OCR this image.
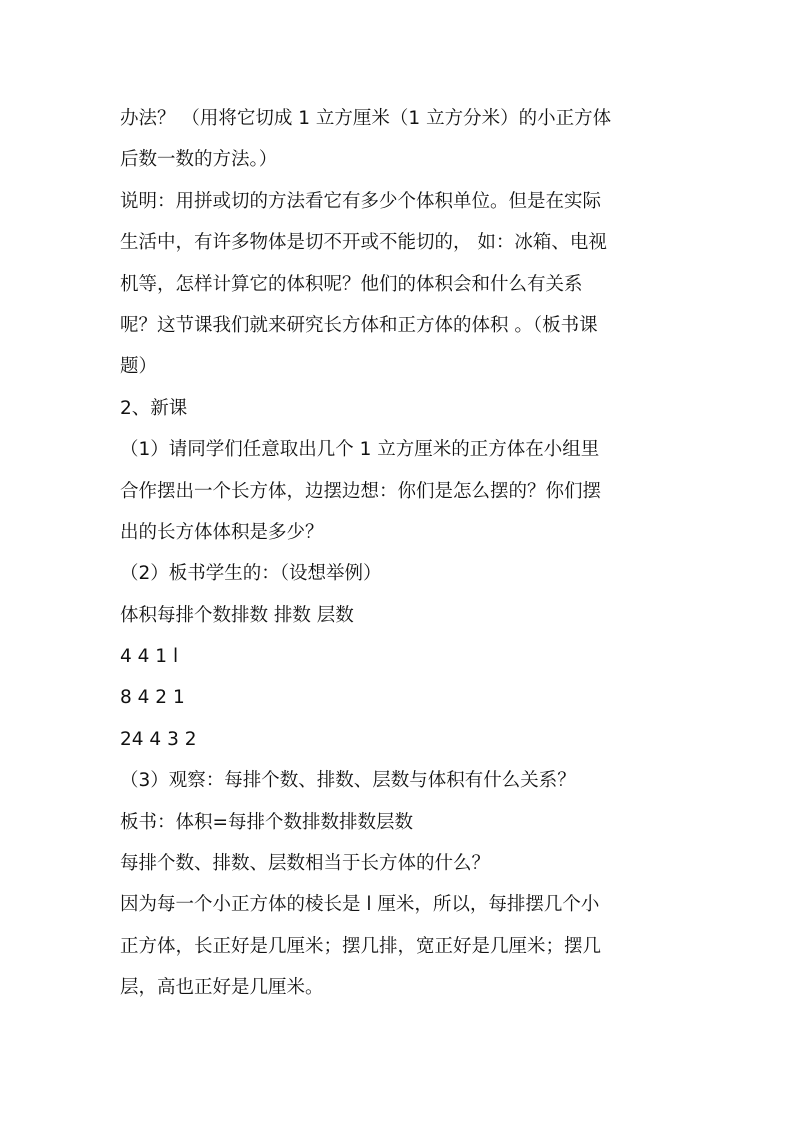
办法？ （用将它切成 1 立方厘米（1 立方分米）的小正方体
后数一数的方法。）
说明：用拼或切的方法看它有多少个体积单位。但是在实际
生活中，有许多物体是切不开或不能切的， 如：冰箱、电视
机等，怎样计算它的体积呢？他们的体积会和什么有关系
呢？这节课我们就来研究长方体和正方体的体积 。（板书课
题）
2、新课
（1）请同学们任意取出几个 1 立方厘米的正方体在小组里
合作摆出一个长方体，边摆边想：你们是怎么摆的？你们摆
出的长方体体积是多少？
（2）板书学生的：（设想举例）
体积每排个数排数 排数 层数
4 4 1 l
8 4 2 1
24 4 3 2
（3）观察：每排个数、排数、层数与体积有什么关系？
板书：体积=每排个数排数排数层数
每排个数、排数、层数相当于长方体的什么？
因为每一个小正方体的棱长是 l 厘米，所以，每排摆几个小
正方体，长正好是几厘米；摆几排，宽正好是几厘米；摆几
层，高也正好是几厘米。
